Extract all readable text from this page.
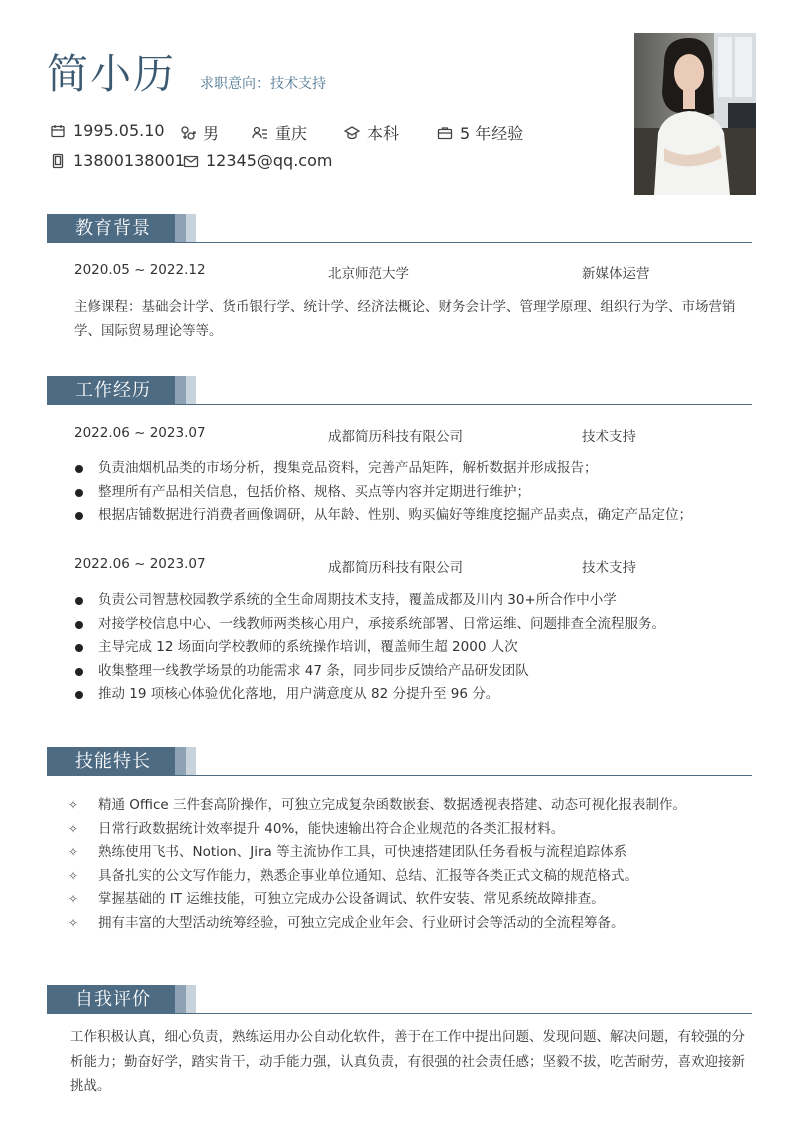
简小历 求职意向：技术支持
1995.05.10 男	重庆	本科	5 年经验
13800138001 12345@qq.com
教育背景
2020.05 ~ 2022.12	北京师范大学	新媒体运营
主修课程：基础会计学、货币银行学、统计学、经济法概论、财务会计学、管理学原理、组织行为学、市场营销学、国际贸易理论等等。
工作经历
2022.06 ~ 2023.07	成都简历科技有限公司	技术支持
负责油烟机品类的市场分析，搜集竞品资料，完善产品矩阵，解析数据并形成报告；
整理所有产品相关信息，包括价格、规格、买点等内容并定期进行维护；
根据店铺数据进行消费者画像调研，从年龄、性别、购买偏好等维度挖掘产品卖点，确定产品定位；
2022.06 ~ 2023.07	成都简历科技有限公司	技术支持
负责公司智慧校园教学系统的全生命周期技术支持，覆盖成都及川内 30+所合作中小学
对接学校信息中心、一线教师两类核心用户，承接系统部署、日常运维、问题排查全流程服务。
主导完成 12 场面向学校教师的系统操作培训，覆盖师生超 2000 人次
收集整理一线教学场景的功能需求 47 条，同步同步反馈给产品研发团队
推动 19 项核心体验优化落地，用户满意度从 82 分提升至 96 分。
技能特长
✧ 精通 Office 三件套高阶操作，可独立完成复杂函数嵌套、数据透视表搭建、动态可视化报表制作。
✧ 日常行政数据统计效率提升 40%，能快速输出符合企业规范的各类汇报材料。
✧ 熟练使用飞书、Notion、Jira 等主流协作工具，可快速搭建团队任务看板与流程追踪体系
✧ 具备扎实的公文写作能力，熟悉企事业单位通知、总结、汇报等各类正式文稿的规范格式。
✧ 掌握基础的 IT 运维技能，可独立完成办公设备调试、软件安装、常见系统故障排查。
✧ 拥有丰富的大型活动统筹经验，可独立完成企业年会、行业研讨会等活动的全流程筹备。
自我评价
工作积极认真，细心负责，熟练运用办公自动化软件，善于在工作中提出问题、发现问题、解决问题，有较强的分析能力；勤奋好学，踏实肯干，动手能力强，认真负责，有很强的社会责任感；坚毅不拔，吃苦耐劳，喜欢迎接新挑战。
